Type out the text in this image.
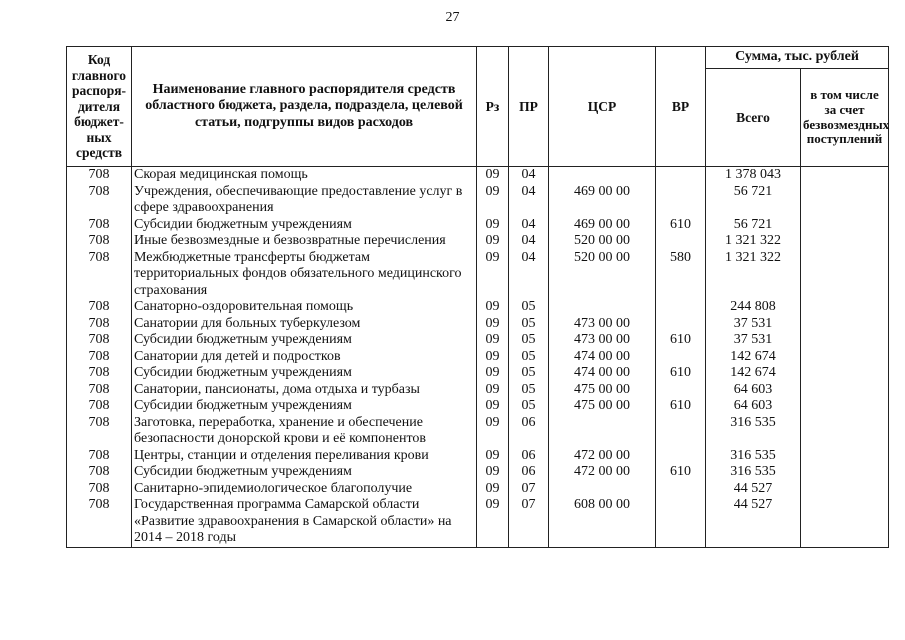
27
Код главного распоря-дителя бюджет-ных средств	Наименование главного распорядителя средств областного бюджета, раздела, подраздела, целевой статьи, подгруппы видов расходов	Рз	ПР	ЦСР	ВР	Сумма, тыс. рублей	
						Всего	в том числе за счет безвозмездных поступлений
708	Скорая медицинская помощь	09	04			1 378 043	
708	Учреждения, обеспечивающие предоставление услуг в сфере здравоохранения	09	04	469 00 00		56 721	
708	Субсидии бюджетным учреждениям	09	04	469 00 00	610	56 721	
708	Иные безвозмездные и безвозвратные перечисления	09	04	520 00 00		1 321 322	
708	Межбюджетные трансферты бюджетам территориальных фондов обязательного медицинского страхования	09	04	520 00 00	580	1 321 322	
708	Санаторно-оздоровительная помощь	09	05			244 808	
708	Санатории для больных туберкулезом	09	05	473 00 00		37 531	
708	Субсидии бюджетным учреждениям	09	05	473 00 00	610	37 531	
708	Санатории для детей и подростков	09	05	474 00 00		142 674	
708	Субсидии бюджетным учреждениям	09	05	474 00 00	610	142 674	
708	Санатории, пансионаты, дома отдыха и турбазы	09	05	475 00 00		64 603	
708	Субсидии бюджетным учреждениям	09	05	475 00 00	610	64 603	
708	Заготовка, переработка, хранение и обеспечение безопасности донорской крови и её компонентов	09	06			316 535	
708	Центры, станции и отделения переливания крови	09	06	472 00 00		316 535	
708	Субсидии бюджетным учреждениям	09	06	472 00 00	610	316 535	
708	Санитарно-эпидемиологическое благополучие	09	07			44 527	
708	Государственная программа Самарской области «Развитие здравоохранения в Самарской области» на 2014 – 2018 годы	09	07	608 00 00		44 527	
